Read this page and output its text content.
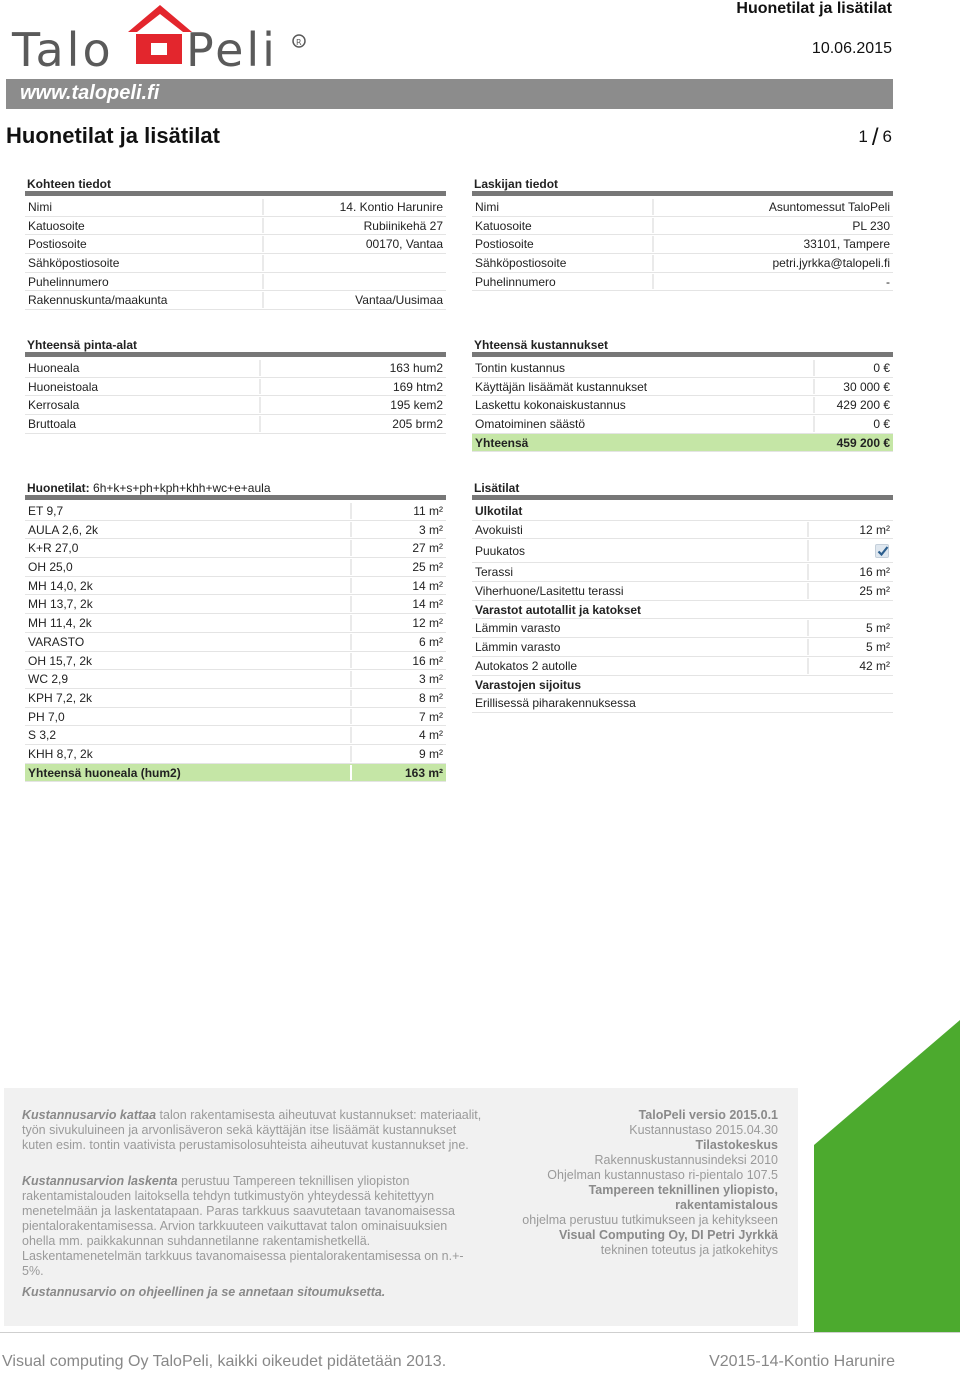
Talo Peli R
Huonetilat ja lisätilat
10.06.2015
www.talopeli.fi
Huonetilat ja lisätilat	1 / 6
Kohteen tiedot
Nimi	14. Kontio Harunire
Katuosoite	Rubiinikehä 27
Postiosoite	00170, Vantaa
Sähköpostiosoite
Puhelinnumero
Rakennuskunta/maakunta	Vantaa/Uusimaa
Laskijan tiedot
Nimi	Asuntomessut TaloPeli
Katuosoite	PL 230
Postiosoite	33101, Tampere
Sähköpostiosoite	petri.jyrkka@talopeli.fi
Puhelinnumero	-
Yhteensä pinta-alat
Huoneala	163 hum2
Huoneistoala	169 htm2
Kerrosala	195 kem2
Bruttoala	205 brm2
Yhteensä kustannukset
Tontin kustannus	0 €
Käyttäjän lisäämät kustannukset	30 000 €
Laskettu kokonaiskustannus	429 200 €
Omatoiminen säästö	0 €
Yhteensä	459 200 €
Huonetilat: 6h+k+s+ph+kph+khh+wc+e+aula
ET 9,7	11 m²
AULA 2,6, 2k	3 m²
K+R 27,0	27 m²
OH 25,0	25 m²
MH 14,0, 2k	14 m²
MH 13,7, 2k	14 m²
MH 11,4, 2k	12 m²
VARASTO	6 m²
OH 15,7, 2k	16 m²
WC 2,9	3 m²
KPH 7,2, 2k	8 m²
PH 7,0	7 m²
S 3,2	4 m²
KHH 8,7, 2k	9 m²
Yhteensä huoneala (hum2)	163 m²
Lisätilat
Ulkotilat
Avokuisti	12 m²
Puukatos
Terassi	16 m²
Viherhuone/Lasitettu terassi	25 m²
Varastot autotallit ja katokset
Lämmin varasto	5 m²
Lämmin varasto	5 m²
Autokatos 2 autolle	42 m²
Varastojen sijoitus
Erillisessä piharakennuksessa
Kustannusarvio kattaa talon rakentamisesta aiheutuvat kustannukset: materiaalit, työn sivukuluineen ja arvonlisäveron sekä käyttäjän itse lisäämät kustannukset kuten esim. tontin vaativista perustamisolosuhteista aiheutuvat kustannukset jne.
Kustannusarvion laskenta perustuu Tampereen teknillisen yliopiston rakentamistalouden laitoksella tehdyn tutkimustyön yhteydessä kehitettyyn menetelmään ja laskentatapaan. Paras tarkkuus saavutetaan tavanomaisessa pientalorakentamisessa. Arvion tarkkuuteen vaikuttavat talon ominaisuuksien ohella mm. paikkakunnan suhdannetilanne rakentamishetkellä. Laskentamenetelmän tarkkuus tavanomaisessa pientalorakentamisessa on n.+- 5%.
Kustannusarvio on ohjeellinen ja se annetaan sitoumuksetta.
TaloPeli versio 2015.0.1
Kustannustaso 2015.04.30
Tilastokeskus
Rakennuskustannusindeksi 2010
Ohjelman kustannustaso ri-pientalo 107.5
Tampereen teknillinen yliopisto, rakentamistalous
ohjelma perustuu tutkimukseen ja kehitykseen
Visual Computing Oy, DI Petri Jyrkkä
tekninen toteutus ja jatkokehitys
Visual computing Oy TaloPeli, kaikki oikeudet pidätetään 2013.	V2015-14-Kontio Harunire
